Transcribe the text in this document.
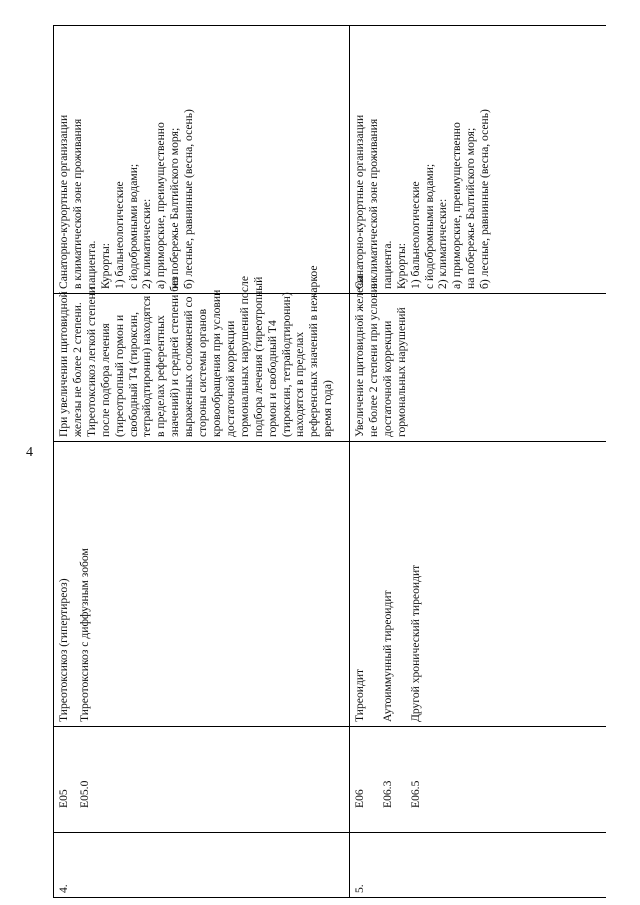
4
4.
E05 E05.0
Тиреотоксикоз (гипертиреоз) Тиреотоксикоз с диффузным зобом
При увеличении щитовидной железы не более 2 степени. Тиреотоксикоз легкой степени после подбора лечения (тиреотропный гормон и свободный Т4 (тироксин, тетрайодтиронин) находятся в пределах референтных значений) и средней степени без выраженных осложнений со стороны системы органов кровообращения при условии достаточной коррекции гормональных нарушений после подбора лечения (тиреотропный гормон и свободный Т4 (тироксин, тетрайодтиронин) находятся в пределах референсных значений в нежаркое время года)
Санаторно-курортные организации в климатической зоне проживания пациента. Курорты: 1) бальнеологические с йодобромными водами; 2) климатические: а) приморские, преимущественно на побережье Балтийского моря; б) лесные, равнинные (весна, осень)
5.
E06 E06.3 E06.5
Тиреоидит Аутоиммунный тиреоидит Другой хронический тиреоидит
Увеличение щитовидной железы не более 2 степени при условии достаточной коррекции гормональных нарушений
Санаторно-курортные организации в климатической зоне проживания пациента. Курорты: 1) бальнеологические с йодобромными водами; 2) климатические: а) приморские, преимущественно на побережье Балтийского моря; б) лесные, равнинные (весна, осень)
